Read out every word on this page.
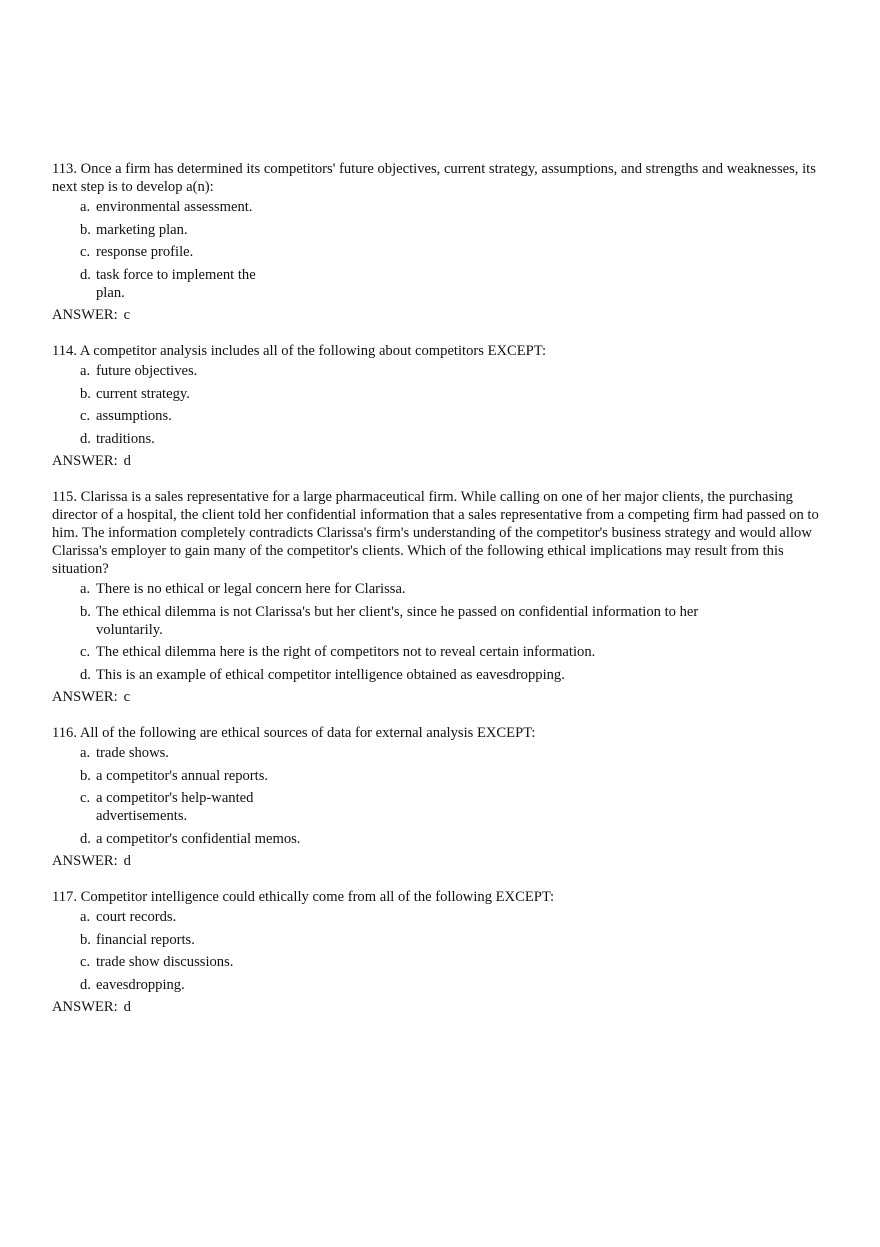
113. Once a firm has determined its competitors' future objectives, current strategy, assumptions, and strengths and weaknesses, its next step is to develop a(n):
a. environmental assessment.
b. marketing plan.
c. response profile.
d. task force to implement the plan.
ANSWER: c
114. A competitor analysis includes all of the following about competitors EXCEPT:
a. future objectives.
b. current strategy.
c. assumptions.
d. traditions.
ANSWER: d
115. Clarissa is a sales representative for a large pharmaceutical firm. While calling on one of her major clients, the purchasing director of a hospital, the client told her confidential information that a sales representative from a competing firm had passed on to him. The information completely contradicts Clarissa's firm's understanding of the competitor's business strategy and would allow Clarissa's employer to gain many of the competitor's clients. Which of the following ethical implications may result from this situation?
a. There is no ethical or legal concern here for Clarissa.
b. The ethical dilemma is not Clarissa's but her client's, since he passed on confidential information to her voluntarily.
c. The ethical dilemma here is the right of competitors not to reveal certain information.
d. This is an example of ethical competitor intelligence obtained as eavesdropping.
ANSWER: c
116. All of the following are ethical sources of data for external analysis EXCEPT:
a. trade shows.
b. a competitor's annual reports.
c. a competitor's help-wanted advertisements.
d. a competitor's confidential memos.
ANSWER: d
117. Competitor intelligence could ethically come from all of the following EXCEPT:
a. court records.
b. financial reports.
c. trade show discussions.
d. eavesdropping.
ANSWER: d
